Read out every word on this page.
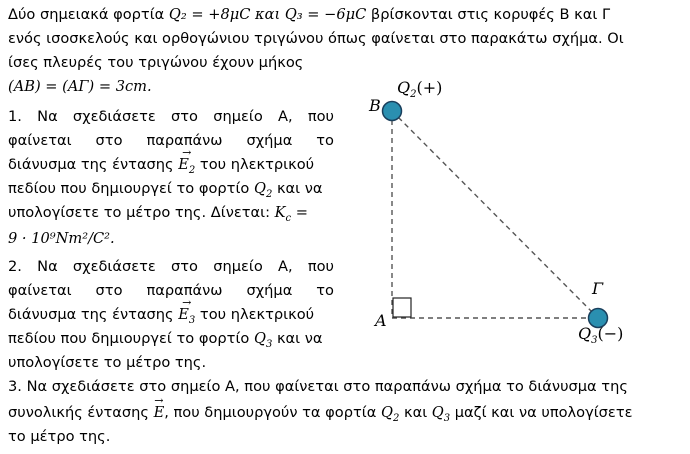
Δύο σημειακά φορτία Q₂ = +8μC και Q₃ = −6μC βρίσκονται στις κορυφές Β και Γ
ενός ισοσκελούς και ορθογώνιου τριγώνου όπως φαίνεται στο παρακάτω σχήμα. Οι
ίσες πλευρές του τριγώνου έχουν μήκος
(AB) = (AΓ) = 3cm.
1. Να σχεδιάσετε στο σημείο Α, που
φαίνεται στο παραπάνω σχήμα το
διάνυσμα της $έ\nu\tau\alpha\sigma\eta\varsigma \to E_2$ του ηλεκτρικού
πεδίου που δημιουργεί το φορτίο $Q_2$ και να
υπολογίσετε το μέτρο της. Δίνεται: $K_c$ =
9 · 10⁹Nm²/C².
2. Να σχεδιάσετε στο σημείο Α, που
φαίνεται στο παραπάνω σχήμα το
διάνυσμα της $έ\nu\tau\alpha\sigma\eta\varsigma \to E_3$ του ηλεκτρικού
πεδίου που δημιουργεί το φορτίο $Q_3$ και να
υπολογίσετε το μέτρο της.
3. Να σχεδιάσετε στο σημείο Α, που φαίνεται στο παραπάνω σχήμα το διάνυσμα της
συνολικής έντασης → E, που δημιουργούν τα φορτία $Q_2$ και $Q_3$ μαζί και να υπολογίσετε
το μέτρο της.
B
A
Γ
$Q_2(+)$
$Q_3(-)$
